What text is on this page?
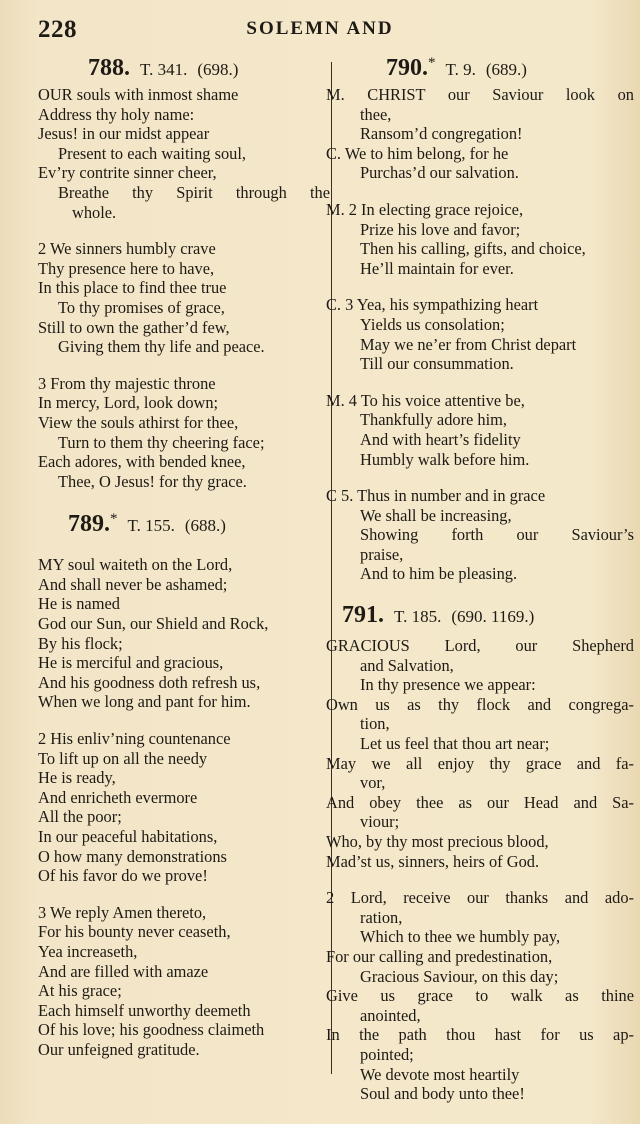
228	SOLEMN AND
788. T. 341. (698.)
OUR souls with inmost shame
Address thy holy name:
Jesus! in our midst appear
Present to each waiting soul,
Ev’ry contrite sinner cheer,
Breathe thy Spirit through the
whole.
2 We sinners humbly crave
Thy presence here to have,
In this place to find thee true
To thy promises of grace,
Still to own the gather’d few,
Giving them thy life and peace.
3 From thy majestic throne
In mercy, Lord, look down;
View the souls athirst for thee,
Turn to them thy cheering face;
Each adores, with bended knee,
Thee, O Jesus! for thy grace.
789.* T. 155. (688.)
MY soul waiteth on the Lord,
And shall never be ashamed;
He is named
God our Sun, our Shield and Rock,
By his flock;
He is merciful and gracious,
And his goodness doth refresh us,
When we long and pant for him.
2 His enliv’ning countenance
To lift up on all the needy
He is ready,
And enricheth evermore
All the poor;
In our peaceful habitations,
O how many demonstrations
Of his favor do we prove!
3 We reply Amen thereto,
For his bounty never ceaseth,
Yea increaseth,
And are filled with amaze
At his grace;
Each himself unworthy deemeth
Of his love; his goodness claimeth
Our unfeigned gratitude.
790.* T. 9. (689.)
M. CHRIST our Saviour look on
thee,
Ransom’d congregation!
C. We to him belong, for he
Purchas’d our salvation.
M. 2 In electing grace rejoice,
Prize his love and favor;
Then his calling, gifts, and choice,
He’ll maintain for ever.
C. 3 Yea, his sympathizing heart
Yields us consolation;
May we ne’er from Christ depart
Till our consummation.
M. 4 To his voice attentive be,
Thankfully adore him,
And with heart’s fidelity
Humbly walk before him.
C 5. Thus in number and in grace
We shall be increasing,
Showing forth our Saviour’s
praise,
And to him be pleasing.
791. T. 185. (690. 1169.)
GRACIOUS Lord, our Shepherd
and Salvation,
In thy presence we appear:
Own us as thy flock and congrega-
tion,
Let us feel that thou art near;
May we all enjoy thy grace and fa-
vor,
And obey thee as our Head and Sa-
viour;
Who, by thy most precious blood,
Mad’st us, sinners, heirs of God.
2 Lord, receive our thanks and ado-
ration,
Which to thee we humbly pay,
For our calling and predestination,
Gracious Saviour, on this day;
Give us grace to walk as thine
anointed,
In the path thou hast for us ap-
pointed;
We devote most heartily
Soul and body unto thee!
